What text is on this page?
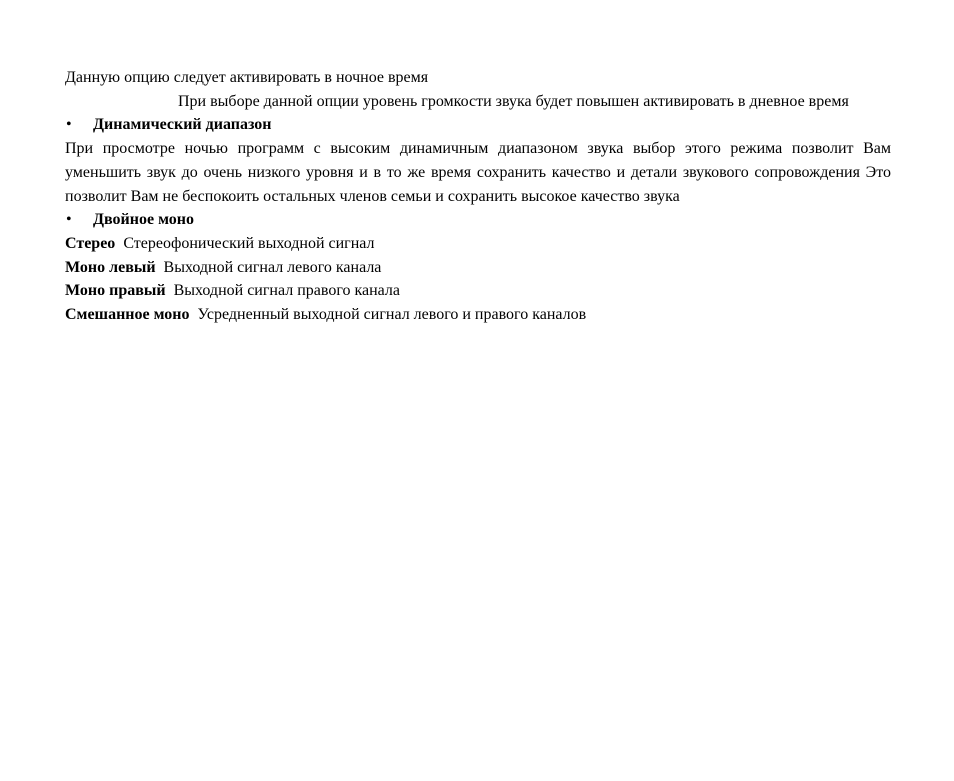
Данную опцию следует активировать в ночное время

При выборе данной опции уровень громкости звука будет повышен активировать в дневное время

•	Динамический диапазон

При просмотре ночью программ с высоким динамичным диапазоном звука выбор этого режима позволит Вам уменьшить звук до очень низкого уровня и в то же время сохранить качество и детали звукового сопровождения Это позволит Вам не беспокоить остальных членов семьи и сохранить высокое качество звука

•	Двойное моно

Стерео Стереофонический выходной сигнал

Моно левый Выходной сигнал левого канала

Моно правый Выходной сигнал правого канала

Смешанное моно Усредненный выходной сигнал левого и правого каналов
